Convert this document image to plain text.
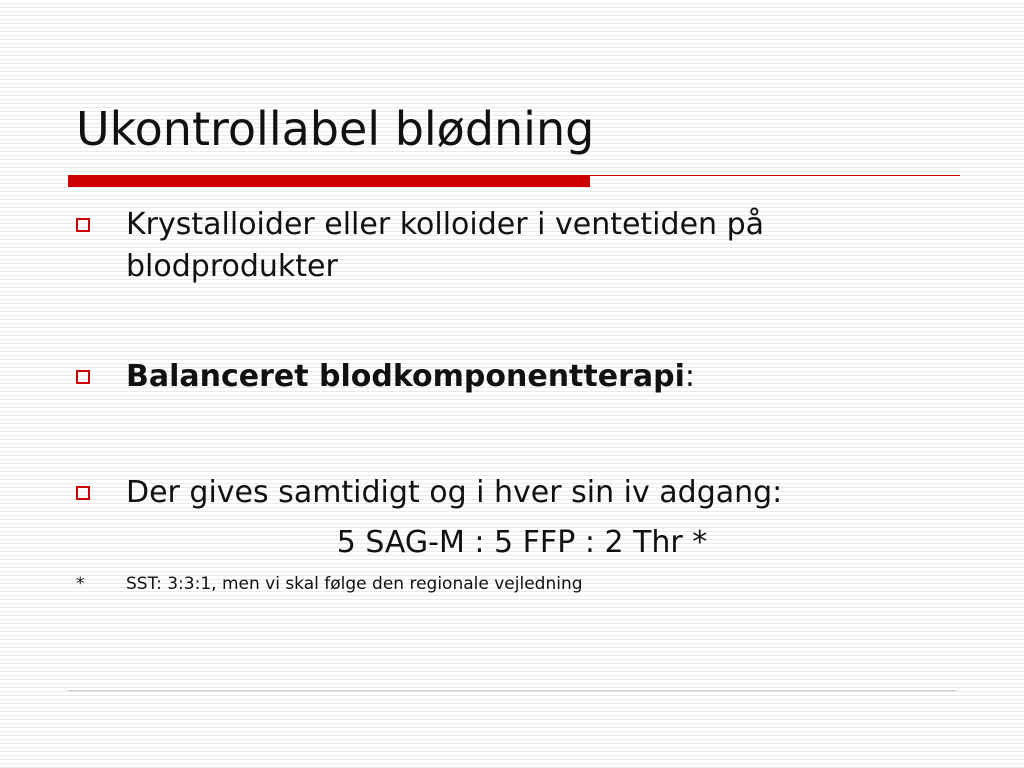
Ukontrollabel blødning
Krystalloider eller kolloider i ventetiden på blodprodukter
Balanceret blodkomponentterapi:
Der gives samtidigt og i hver sin iv adgang:
5 SAG-M : 5 FFP : 2 Thr *
*	SST: 3:3:1, men vi skal følge den regionale vejledning
